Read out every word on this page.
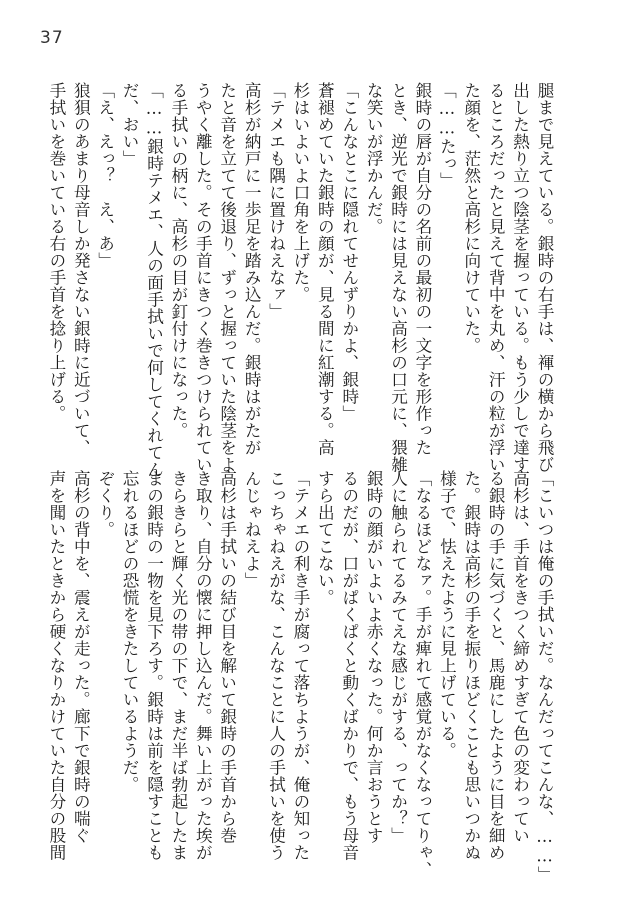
37
腿まで見えている。銀時の右手は、褌の横から飛び
出した熱り立つ陰茎を握っている。もう少しで達す
るところだったと見えて背中を丸め、汗の粒が浮い
た顔を、茫然と高杉に向けていた。
「……たっ」
銀時の唇が自分の名前の最初の一文字を形作った
とき、逆光で銀時には見えない高杉の口元に、猥雑
な笑いが浮かんだ。
「こんなとこに隠れてせんずりかよ、銀時」
蒼褪めていた銀時の顔が、見る間に紅潮する。高
杉はいよいよ口角を上げた。
「テメエも隅に置けねえなァ」
高杉が納戸に一歩足を踏み込んだ。銀時はがたが
たと音を立てて後退り、ずっと握っていた陰茎をよ
うやく離した。その手首にきつく巻きつけられてい
る手拭いの柄に、高杉の目が釘付けになった。
「……銀時テメエ、人の面手拭いで何してくれてん
だ、おい」
「え、えっ？　え、あ」
狼狽のあまり母音しか発さない銀時に近づいて、
手拭いを巻いている右の手首を捻り上げる。
「こいつは俺の手拭いだ。なんだってこんな、……」
高杉は、手首をきつく締めすぎて色の変わってい
る銀時の手に気づくと、馬鹿にしたように目を細め
た。銀時は高杉の手を振りほどくことも思いつかぬ
様子で、怯えたように見上げている。
「なるほどなァ。手が痺れて感覚がなくなってりゃ、
人に触られてるみてえな感じがする、ってか？」
銀時の顔がいよいよ赤くなった。何か言おうとす
るのだが、口がぱくぱくと動くばかりで、もう母音
すら出てこない。
「テメエの利き手が腐って落ちようが、俺の知った
こっちゃねえがな、こんなことに人の手拭いを使う
んじゃねえよ」
高杉は手拭いの結び目を解いて銀時の手首から巻
き取り、自分の懐に押し込んだ。舞い上がった埃が
きらきらと輝く光の帯の下で、まだ半ば勃起したま
まの銀時の一物を見下ろす。銀時は前を隠すことも
忘れるほどの恐慌をきたしているようだ。
ぞくり。
高杉の背中を、震えが走った。廊下で銀時の喘ぐ
声を聞いたときから硬くなりかけていた自分の股間
